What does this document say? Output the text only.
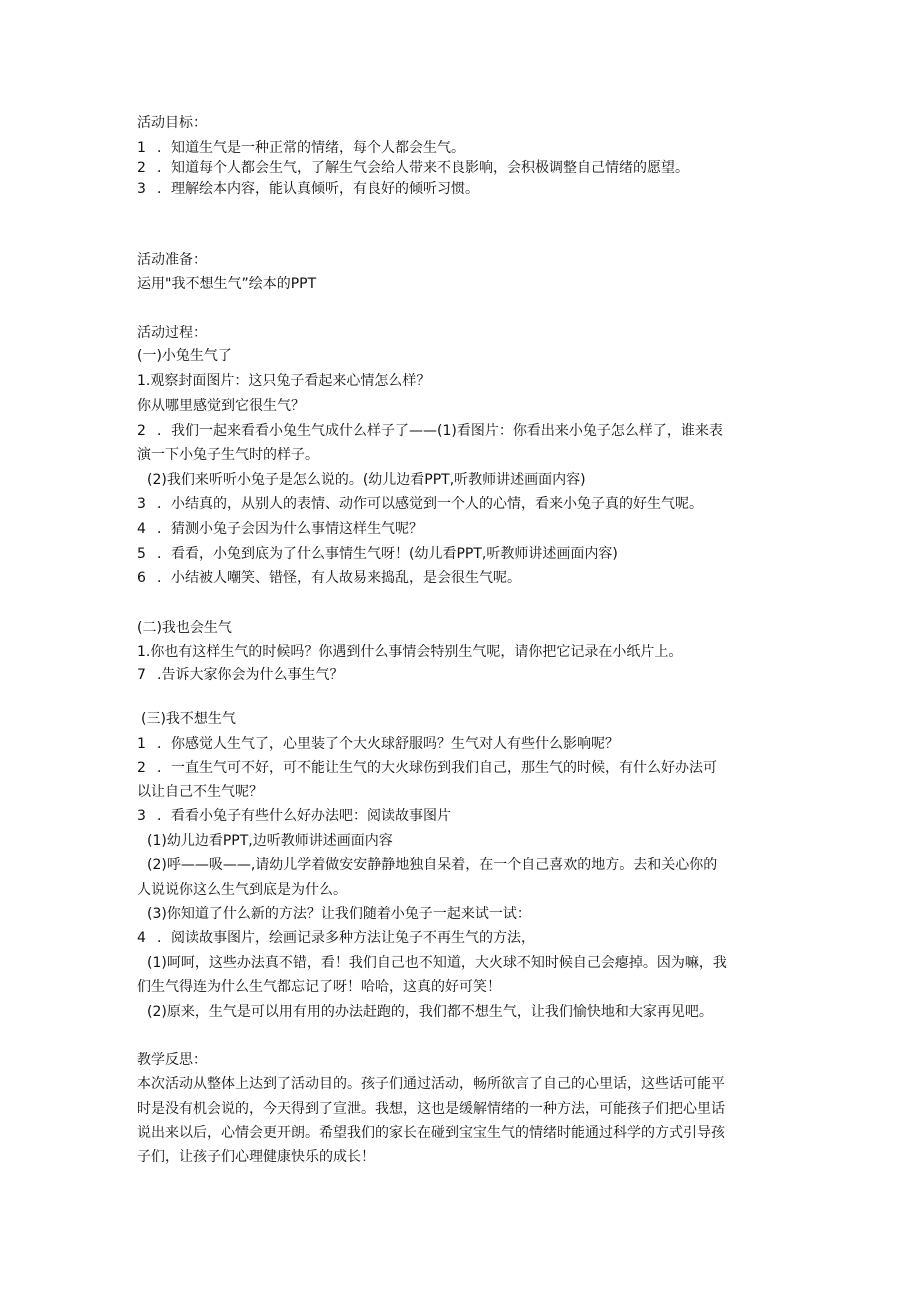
活动目标：
1 ．知道生气是一种正常的情绪，每个人都会生气。
2 ．知道每个人都会生气，了解生气会给人带来不良影响，会积极调整自己情绪的愿望。
3 ．理解绘本内容，能认真倾听，有良好的倾听习惯。
活动准备：
运用"我不想生气”绘本的PPT
活动过程：
(一)小兔生气了
1.观察封面图片：这只兔子看起来心情怎么样？
你从哪里感觉到它很生气？
2 ．我们一起来看看小兔生气成什么样子了——(1)看图片：你看出来小兔子怎么样了，谁来表
演一下小兔子生气时的样子。
(2)我们来听听小兔子是怎么说的。(幼儿边看PPT,听教师讲述画面内容)
3 ．小结真的，从别人的表情、动作可以感觉到一个人的心情，看来小兔子真的好生气呢。
4 ．猜测小兔子会因为什么事情这样生气呢？
5 ．看看，小兔到底为了什么事情生气呀！(幼儿看PPT,听教师讲述画面内容)
6 ．小结被人嘲笑、错怪，有人故易来捣乱，是会很生气呢。
(二)我也会生气
1.你也有这样生气的时候吗？你遇到什么事情会特别生气呢，请你把它记录在小纸片上。
7 .告诉大家你会为什么事生气？
(三)我不想生气
1 ．你感觉人生气了，心里装了个大火球舒服吗？生气对人有些什么影响呢？
2 ．一直生气可不好，可不能让生气的大火球伤到我们自己，那生气的时候，有什么好办法可
以让自己不生气呢？
3 ．看看小兔子有些什么好办法吧：阅读故事图片
(1)幼儿边看PPT,边听教师讲述画面内容
(2)呼——吸——,请幼儿学着做安安静静地独自呆着，在一个自己喜欢的地方。去和关心你的
人说说你这么生气到底是为什么。
(3)你知道了什么新的方法？让我们随着小兔子一起来试一试：
4 ．阅读故事图片，绘画记录多种方法让兔子不再生气的方法，
(1)呵呵，这些办法真不错，看！我们自己也不知道，大火球不知时候自己会瘪掉。因为嘛，我
们生气得连为什么生气都忘记了呀！哈哈，这真的好可笑！
(2)原来，生气是可以用有用的办法赶跑的，我们都不想生气，让我们愉快地和大家再见吧。
教学反思：
本次活动从整体上达到了活动目的。孩子们通过活动，畅所欲言了自己的心里话，这些话可能平
时是没有机会说的，今天得到了宣泄。我想，这也是缓解情绪的一种方法，可能孩子们把心里话
说出来以后，心情会更开朗。希望我们的家长在碰到宝宝生气的情绪时能通过科学的方式引导孩
子们，让孩子们心理健康快乐的成长！
